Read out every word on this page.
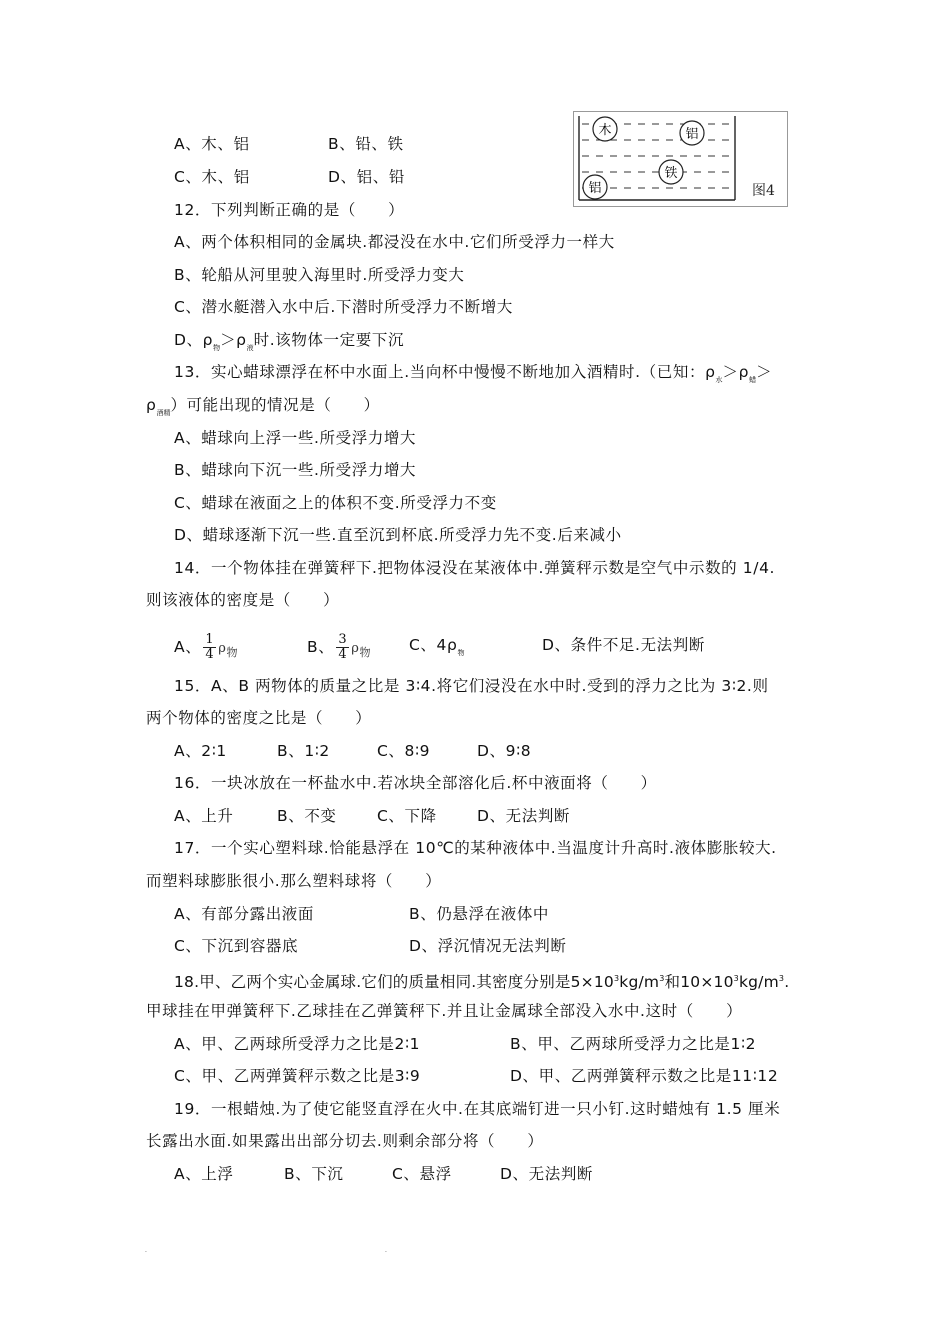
A、木、铝	B、铅、铁
C、木、铝	D、铝、铅
木	铝
铁
铝	图4
12．下列判断正确的是（　　）
A、两个体积相同的金属块.都浸没在水中.它们所受浮力一样大
B、轮船从河里驶入海里时.所受浮力变大
C、潜水艇潜入水中后.下潜时所受浮力不断增大
D、$\rho_物>\rho_液$时.该物体一定要下沉
13．实心蜡球漂浮在杯中水面上.当向杯中慢慢不断地加入酒精时.（已知：$\rho_水>\rho_蜡>$
$\rho_{酒精}$）可能出现的情况是（　　）
A、蜡球向上浮一些.所受浮力增大
B、蜡球向下沉一些.所受浮力增大
C、蜡球在液面之上的体积不变.所受浮力不变
D、蜡球逐渐下沉一些.直至沉到杯底.所受浮力先不变.后来减小
14．一个物体挂在弹簧秤下.把物体浸没在某液体中.弹簧秤示数是空气中示数的 1/4.
则该液体的密度是（　　）
A、 $\frac{1}{4} \rho_物$	B、 $\frac{3}{4} \rho_物$ C、$4\rho_物$	D、条件不足.无法判断
15．A、B 两物体的质量之比是 3∶4.将它们浸没在水中时.受到的浮力之比为 3∶2.则
两个物体的密度之比是（　　）
A、2∶1	B、1∶2	C、8∶9	D、9∶8
16．一块冰放在一杯盐水中.若冰块全部溶化后.杯中液面将（　　）
A、上升	B、不变	C、下降	D、无法判断
17．一个实心塑料球.恰能悬浮在 10℃的某种液体中.当温度计升高时.液体膨胀较大.
而塑料球膨胀很小.那么塑料球将（　　）
A、有部分露出液面	B、仍悬浮在液体中
C、下沉到容器底	D、浮沉情况无法判断
18.甲、乙两个实心金属球.它们的质量相同.其密度分别是$5\times 10^3kg/m^3$和$10\times 10^3kg/m^3$.
甲球挂在甲弹簧秤下.乙球挂在乙弹簧秤下.并且让金属球全部没入水中.这时（　　）
A、甲、乙两球所受浮力之比是2∶1	B、甲、乙两球所受浮力之比是1∶2
C、甲、乙两弹簧秤示数之比是3∶9	D、甲、乙两弹簧秤示数之比是11∶12
19．一根蜡烛.为了使它能竖直浮在火中.在其底端钉进一只小钉.这时蜡烛有 1.5 厘米
长露出水面.如果露出出部分切去.则剩余部分将（　　）
A、上浮	B、下沉	C、悬浮	D、无法判断
.	.
